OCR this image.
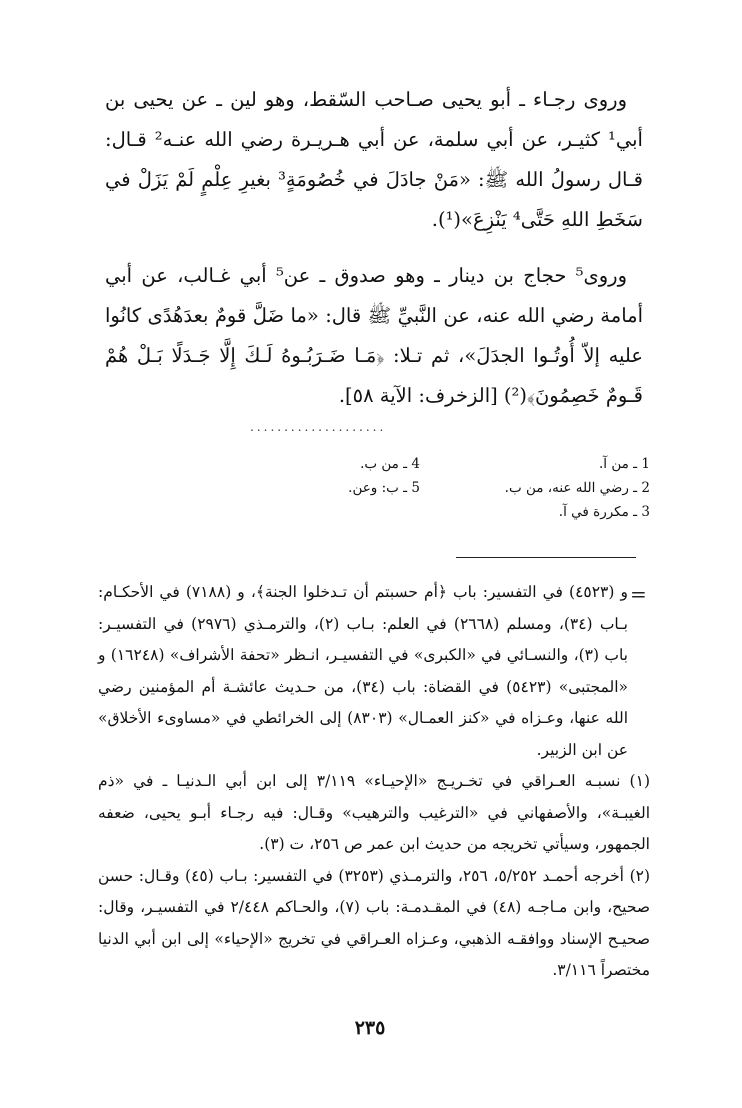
وروى رجـاء ـ أبو يحيى صـاحب السّقط، وهو لين ـ عن يحيى بن أبي¹ كثيـر، عن أبي سلمة، عن أبي هـريـرة رضي الله عنـه² قـال: قـال رسولُ الله ﷺ: «مَنْ جادَلَ في خُصُومَةٍ³ بغيرِ عِلْمٍ لَمْ يَزَلْ في سَخَطِ اللهِ حَتَّى⁴ يَنْزِعَ»(¹).

وروى⁵ حجاج بن دينار ـ وهو صدوق ـ عن⁵ أبي غـالب، عن أبي أمامة رضي الله عنه، عن النَّبيِّ ﷺ قال: «ما ضَلَّ قومٌ بعدَهُدًى كانُوا عليه إلاّ أُوتُـوا الجدَلَ»، ثم تـلا: ﴿مَـا ضَـرَبُـوهُ لَـكَ إِلَّا جَـدَلًا بَـلْ هُمْ قَـومٌ خَصِمُونَ﴾(²) [الزخرف: الآية ٥٨].

....................
1 ـ من آ.
2 ـ رضي الله عنه، من ب.
3 ـ مكررة في آ.
4 ـ من ب.
5 ـ ب: وعن.
=

و (٤٥٢٣) في التفسير: باب ﴿أم حسبتم أن تـدخلوا الجنة﴾، و (٧١٨٨) في الأحكـام: بـاب (٣٤)، ومسلم (٢٦٦٨) في العلم: بـاب (٢)، والترمـذي (٢٩٧٦) في التفسيـر: باب (٣)، والنسـائي في «الكبرى» في التفسيـر، انـظر «تحفة الأشراف» (١٦٢٤٨) و «المجتبى» (٥٤٢٣) في القضاة: باب (٣٤)، من حـديث عائشـة أم المؤمنين رضي الله عنها، وعـزاه في «كنز العمـال» (٨٣٠٣) إلى الخرائطي في «مساوىء الأخلاق» عن ابن الزبير.

(١) نسبـه العـراقي في تخـريـج «الإحيـاء» ٣/١١٩ إلى ابن أبي الـدنيـا ـ في «ذم الغيبـة»، والأصفهاني في «الترغيب والترهيب» وقـال: فيه رجـاء أبـو يحيى، ضعفه الجمهور، وسيأتي تخريجه من حديث ابن عمر ص ٢٥٦، ت (٣).

(٢) أخرجه أحمـد ٥/٢٥٢، ٢٥٦، والترمـذي (٣٢٥٣) في التفسير: بـاب (٤٥) وقـال: حسن صحيح، وابن مـاجـه (٤٨) في المقـدمـة: باب (٧)، والحـاكم ٢/٤٤٨ في التفسيـر، وقال: صحيـح الإسناد ووافقـه الذهبي، وعـزاه العـراقي في تخريج «الإحياء» إلى ابن أبي الدنيا مختصراً ٣/١١٦.

٢٣٥
